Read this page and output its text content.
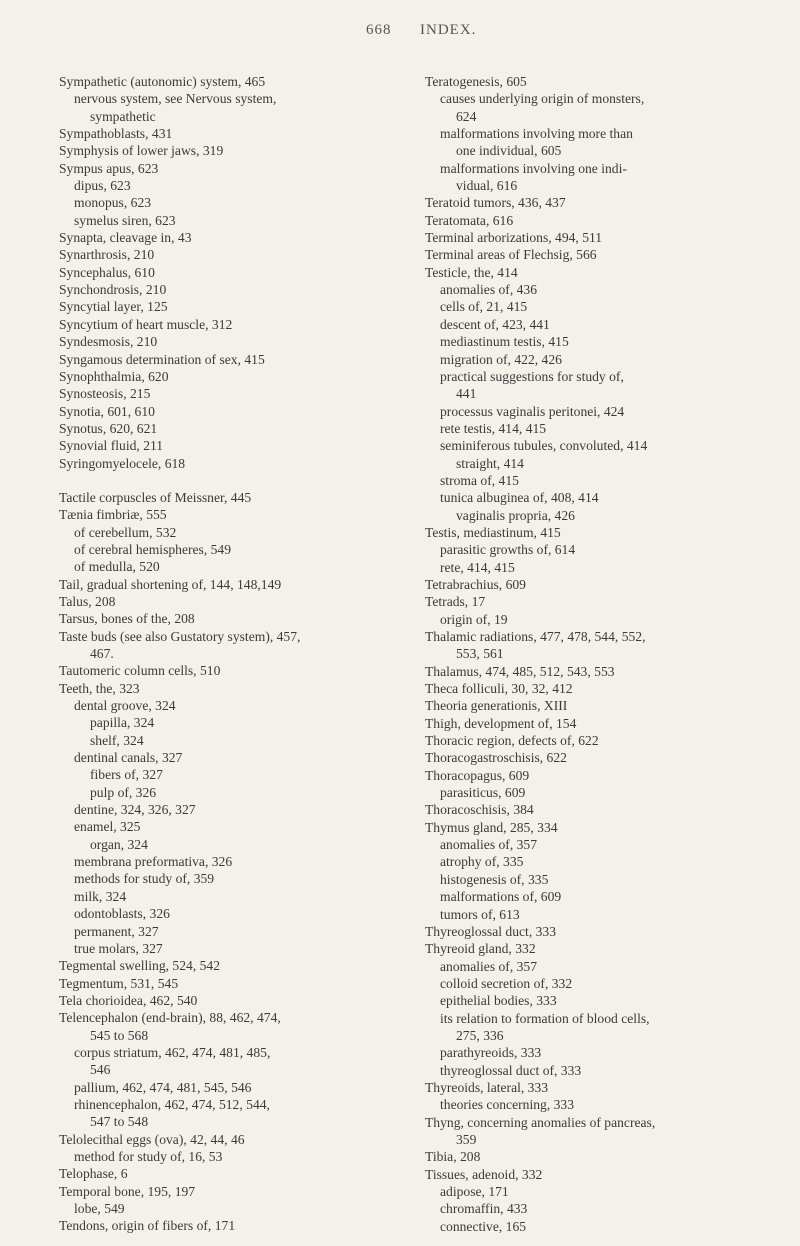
668 INDEX.
Sympathetic (autonomic) system, 465
nervous system, see Nervous system,
sympathetic
Sympathoblasts, 431
Symphysis of lower jaws, 319
Sympus apus, 623
dipus, 623
monopus, 623
symelus siren, 623
Synapta, cleavage in, 43
Synarthrosis, 210
Syncephalus, 610
Synchondrosis, 210
Syncytial layer, 125
Syncytium of heart muscle, 312
Syndesmosis, 210
Syngamous determination of sex, 415
Synophthalmia, 620
Synosteosis, 215
Synotia, 601, 610
Synotus, 620, 621
Synovial fluid, 211
Syringomyelocele, 618
Tactile corpuscles of Meissner, 445
Tænia fimbriæ, 555
of cerebellum, 532
of cerebral hemispheres, 549
of medulla, 520
Tail, gradual shortening of, 144, 148,149
Talus, 208
Tarsus, bones of the, 208
Taste buds (see also Gustatory system), 457,
467.
Tautomeric column cells, 510
Teeth, the, 323
dental groove, 324
papilla, 324
shelf, 324
dentinal canals, 327
fibers of, 327
pulp of, 326
dentine, 324, 326, 327
enamel, 325
organ, 324
membrana preformativa, 326
methods for study of, 359
milk, 324
odontoblasts, 326
permanent, 327
true molars, 327
Tegmental swelling, 524, 542
Tegmentum, 531, 545
Tela chorioidea, 462, 540
Telencephalon (end-brain), 88, 462, 474,
545 to 568
corpus striatum, 462, 474, 481, 485,
546
pallium, 462, 474, 481, 545, 546
rhinencephalon, 462, 474, 512, 544,
547 to 548
Telolecithal eggs (ova), 42, 44, 46
method for study of, 16, 53
Telophase, 6
Temporal bone, 195, 197
lobe, 549
Tendons, origin of fibers of, 171
Teratogenesis, 605
causes underlying origin of monsters,
624
malformations involving more than
one individual, 605
malformations involving one indi-
vidual, 616
Teratoid tumors, 436, 437
Teratomata, 616
Terminal arborizations, 494, 511
Terminal areas of Flechsig, 566
Testicle, the, 414
anomalies of, 436
cells of, 21, 415
descent of, 423, 441
mediastinum testis, 415
migration of, 422, 426
practical suggestions for study of,
441
processus vaginalis peritonei, 424
rete testis, 414, 415
seminiferous tubules, convoluted, 414
straight, 414
stroma of, 415
tunica albuginea of, 408, 414
vaginalis propria, 426
Testis, mediastinum, 415
parasitic growths of, 614
rete, 414, 415
Tetrabrachius, 609
Tetrads, 17
origin of, 19
Thalamic radiations, 477, 478, 544, 552,
553, 561
Thalamus, 474, 485, 512, 543, 553
Theca folliculi, 30, 32, 412
Theoria generationis, XIII
Thigh, development of, 154
Thoracic region, defects of, 622
Thoracogastroschisis, 622
Thoracopagus, 609
parasiticus, 609
Thoracoschisis, 384
Thymus gland, 285, 334
anomalies of, 357
atrophy of, 335
histogenesis of, 335
malformations of, 609
tumors of, 613
Thyreoglossal duct, 333
Thyreoid gland, 332
anomalies of, 357
colloid secretion of, 332
epithelial bodies, 333
its relation to formation of blood cells,
275, 336
parathyreoids, 333
thyreoglossal duct of, 333
Thyreoids, lateral, 333
theories concerning, 333
Thyng, concerning anomalies of pancreas,
359
Tibia, 208
Tissues, adenoid, 332
adipose, 171
chromaffin, 433
connective, 165
